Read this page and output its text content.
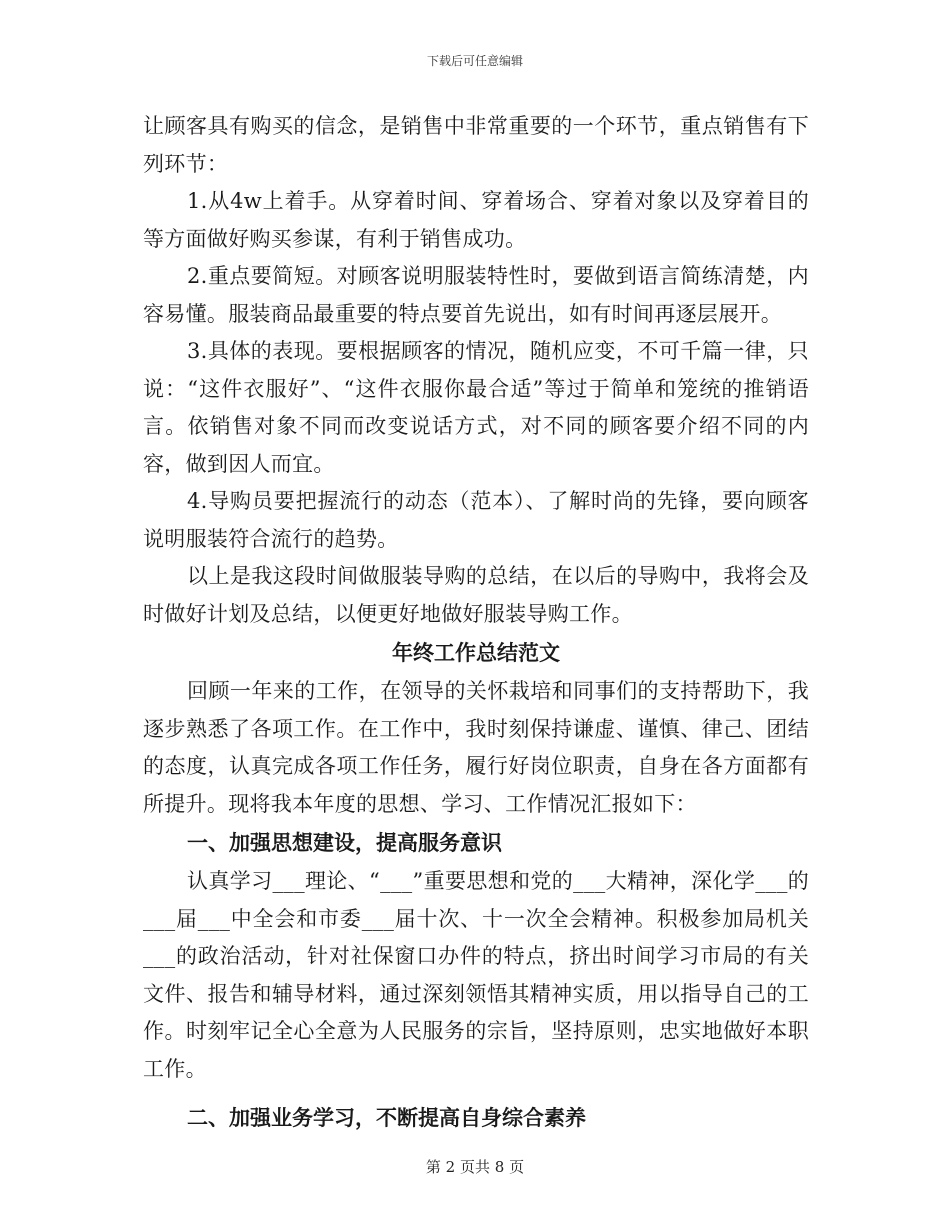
下载后可任意编辑

让顾客具有购买的信念，是销售中非常重要的一个环节，重点销售有下列环节：

1.从4w上着手。从穿着时间、穿着场合、穿着对象以及穿着目的等方面做好购买参谋，有利于销售成功。

2.重点要简短。对顾客说明服装特性时，要做到语言简练清楚，内容易懂。服装商品最重要的特点要首先说出，如有时间再逐层展开。

3.具体的表现。要根据顾客的情况，随机应变，不可千篇一律，只说：“这件衣服好”、“这件衣服你最合适”等过于简单和笼统的推销语言。依销售对象不同而改变说话方式，对不同的顾客要介绍不同的内容，做到因人而宜。

4.导购员要把握流行的动态（范本）、了解时尚的先锋，要向顾客说明服装符合流行的趋势。

以上是我这段时间做服装导购的总结，在以后的导购中，我将会及时做好计划及总结，以便更好地做好服装导购工作。

年终工作总结范文

回顾一年来的工作，在领导的关怀栽培和同事们的支持帮助下，我逐步熟悉了各项工作。在工作中，我时刻保持谦虚、谨慎、律己、团结的态度，认真完成各项工作任务，履行好岗位职责，自身在各方面都有所提升。现将我本年度的思想、学习、工作情况汇报如下：

一、加强思想建设，提高服务意识

认真学习___理论、“___”重要思想和党的___大精神，深化学___的___届___中全会和市委___届十次、十一次全会精神。积极参加局机关___的政治活动，针对社保窗口办件的特点，挤出时间学习市局的有关文件、报告和辅导材料，通过深刻领悟其精神实质，用以指导自己的工作。时刻牢记全心全意为人民服务的宗旨，坚持原则，忠实地做好本职工作。

二、加强业务学习，不断提高自身综合素养

第 2 页共 8 页
